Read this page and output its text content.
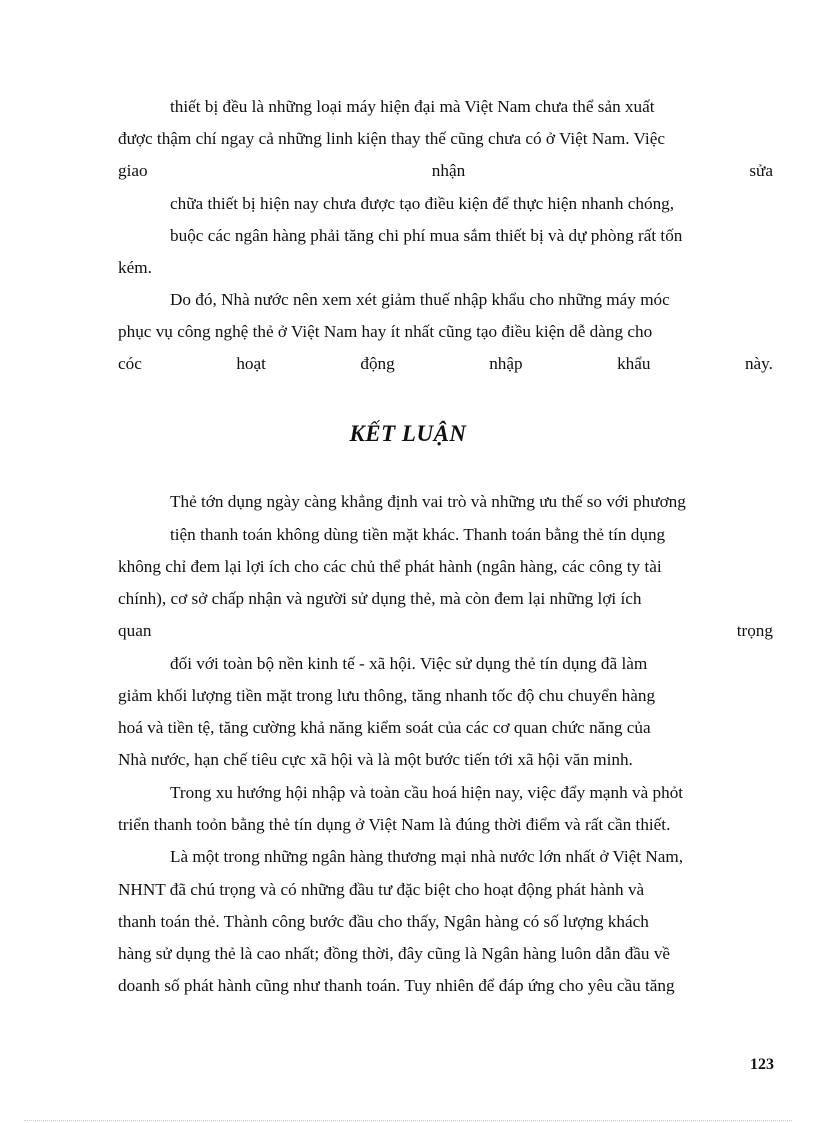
thiết bị đều là những loại máy hiện đại mà Việt Nam chưa thể sản xuất
được thậm chí ngay cả những linh kiện thay thế cũng chưa có ở Việt Nam. Việc
giao	nhận	sửa
chữa thiết bị hiện nay chưa được tạo điều kiện để thực hiện nhanh chóng,
buộc các ngân hàng phải tăng chi phí mua sắm thiết bị và dự phòng rất tốn
kém.
Do đó, Nhà nước nên xem xét giảm thuế nhập khẩu cho những máy móc
phục vụ công nghệ thẻ ở Việt Nam hay ít nhất cũng tạo điều kiện dễ dàng cho
cóc	hoạt	động	nhập	khẩu	này.
KẾT LUẬN
Thẻ tớn dụng ngày càng khẳng định vai trò và những ưu thế so với phương
tiện thanh toán không dùng tiền mặt khác. Thanh toán bằng thẻ tín dụng
không chỉ đem lại lợi ích cho các chủ thể phát hành (ngân hàng, các công ty tài
chính), cơ sở chấp nhận và người sử dụng thẻ, mà còn đem lại những lợi ích
quan	trọng
đối với toàn bộ nền kinh tế - xã hội. Việc sử dụng thẻ tín dụng đã làm
giảm khối lượng tiền mặt trong lưu thông, tăng nhanh tốc độ chu chuyển hàng
hoá và tiền tệ, tăng cường khả năng kiểm soát của các cơ quan chức năng của
Nhà nước, hạn chế tiêu cực xã hội và là một bước tiến tới xã hội văn minh.
Trong xu hướng hội nhập và toàn cầu hoá hiện nay, việc đẩy mạnh và phỏt
triển thanh toỏn bằng thẻ tín dụng ở Việt Nam là đúng thời điểm và rất cần thiết.
Là một trong những ngân hàng thương mại nhà nước lớn nhất ở Việt Nam,
NHNT đã chú trọng và có những đầu tư đặc biệt cho hoạt động phát hành và
thanh toán thẻ. Thành công bước đầu cho thấy, Ngân hàng có số lượng khách
hàng sử dụng thẻ là cao nhất; đồng thời, đây cũng là Ngân hàng luôn dẫn đầu về
doanh số phát hành cũng như thanh toán. Tuy nhiên để đáp ứng cho yêu cầu tăng
123
